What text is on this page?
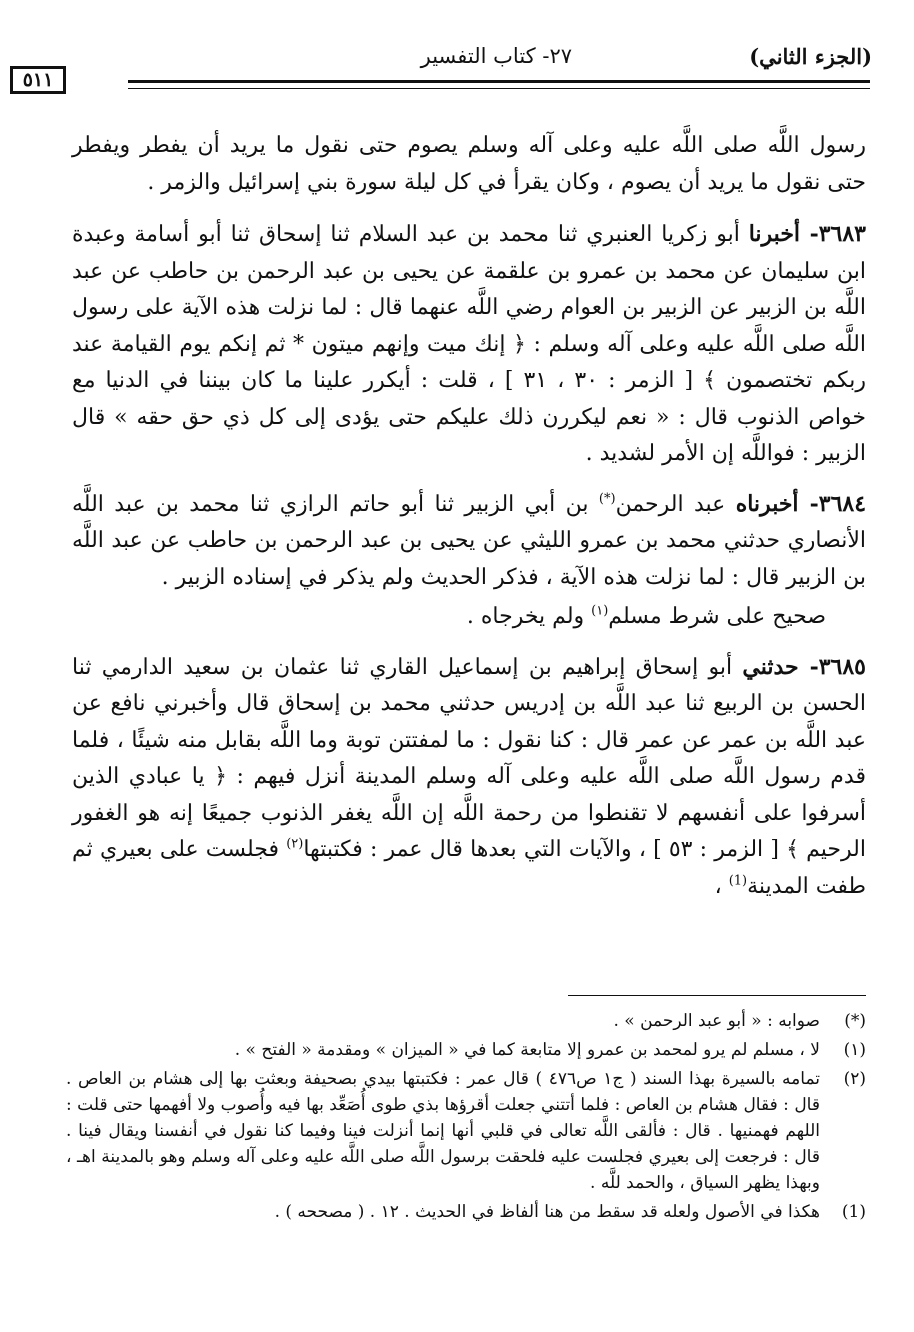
(الجزء الثاني)
٢٧- كتاب التفسير
٥١١

رسول اللَّه صلى اللَّه عليه وعلى آله وسلم يصوم حتى نقول ما يريد أن يفطر ويفطر حتى نقول ما يريد أن يصوم ، وكان يقرأ في كل ليلة سورة بني إسرائيل والزمر .

٣٦٨٣- أخبرنا أبو زكريا العنبري ثنا محمد بن عبد السلام ثنا إسحاق ثنا أبو أسامة وعبدة ابن سليمان عن محمد بن عمرو بن علقمة عن يحيى بن عبد الرحمن بن حاطب عن عبد اللَّه بن الزبير عن الزبير بن العوام رضي اللَّه عنهما قال : لما نزلت هذه الآية على رسول اللَّه صلى اللَّه عليه وعلى آله وسلم : ﴿ إنك ميت وإنهم ميتون * ثم إنكم يوم القيامة عند ربكم تختصمون ﴾ [ الزمر : ٣٠ ، ٣١ ] ، قلت : أيكرر علينا ما كان بيننا في الدنيا مع خواص الذنوب قال : « نعم ليكررن ذلك عليكم حتى يؤدى إلى كل ذي حق حقه » قال الزبير : فواللَّه إن الأمر لشديد .

٣٦٨٤- أخبرناه عبد الرحمن(*) بن أبي الزبير ثنا أبو حاتم الرازي ثنا محمد بن عبد اللَّه الأنصاري حدثني محمد بن عمرو الليثي عن يحيى بن عبد الرحمن بن حاطب عن عبد اللَّه بن الزبير قال : لما نزلت هذه الآية ، فذكر الحديث ولم يذكر في إسناده الزبير .

صحيح على شرط مسلم$^{(١)}$ ولم يخرجاه .

٣٦٨٥- حدثني أبو إسحاق إبراهيم بن إسماعيل القاري ثنا عثمان بن سعيد الدارمي ثنا الحسن بن الربيع ثنا عبد اللَّه بن إدريس حدثني محمد بن إسحاق قال وأخبرني نافع عن عبد اللَّه بن عمر عن عمر قال : كنا نقول : ما لمفتتن توبة وما اللَّه بقابل منه شيئًا ، فلما قدم رسول اللَّه صلى اللَّه عليه وعلى آله وسلم المدينة أنزل فيهم : ﴿ يا عبادي الذين أسرفوا على أنفسهم لا تقنطوا من رحمة اللَّه إن اللَّه يغفر الذنوب جميعًا إنه هو الغفور الرحيم ﴾ [ الزمر : ٥٣ ] ، والآيات التي بعدها قال عمر : فكتبتها$^{(٢)}$ فجلست على بعيري ثم طفت المدينة$^{(1)}$ ،

(*)
صوابه : « أبو عبد الرحمن » .
(١)
لا ، مسلم لم يرو لمحمد بن عمرو إلا متابعة كما في « الميزان » ومقدمة « الفتح » .
(٢)
تمامه بالسيرة بهذا السند ( ج١ ص٤٧٦ ) قال عمر : فكتبتها بيدي بصحيفة وبعثت بها إلى هشام بن العاص . قال : فقال هشام بن العاص : فلما أتتني جعلت أقرؤها بذي طوى أُصَعِّد بها فيه وأُصوب ولا أفهمها حتى قلت : اللهم فهمنيها . قال : فألقى اللَّه تعالى في قلبي أنها إنما أنزلت فينا وفيما كنا نقول في أنفسنا ويقال فينا . قال : فرجعت إلى بعيري فجلست عليه فلحقت برسول اللَّه صلى اللَّه عليه وعلى آله وسلم وهو بالمدينة اهـ ، وبهذا يظهر السياق ، والحمد للَّه .
(1)
هكذا في الأصول ولعله قد سقط من هنا ألفاظ في الحديث . ١٢ . ( مصححه ) .
